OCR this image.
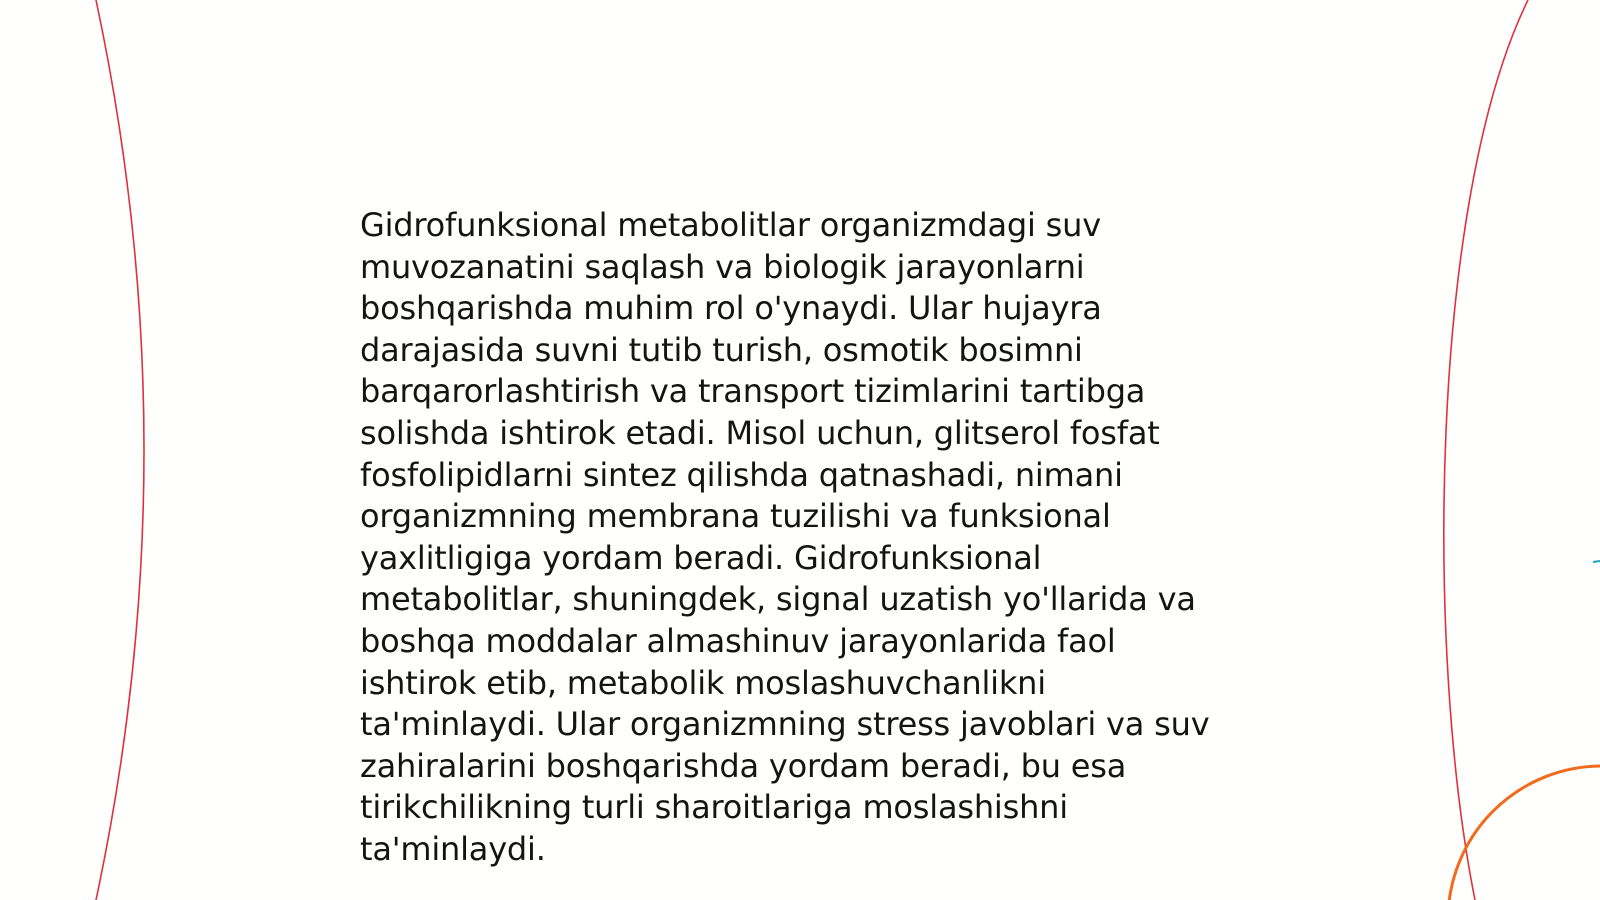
Gidrofunksional metabolitlar organizmdagi suv
muvozanatini saqlash va biologik jarayonlarni
boshqarishda muhim rol o'ynaydi. Ular hujayra
darajasida suvni tutib turish, osmotik bosimni
barqarorlashtirish va transport tizimlarini tartibga
solishda ishtirok etadi. Misol uchun, glitserol fosfat
fosfolipidlarni sintez qilishda qatnashadi, nimani
organizmning membrana tuzilishi va funksional
yaxlitligiga yordam beradi. Gidrofunksional
metabolitlar, shuningdek, signal uzatish yo'llarida va
boshqa moddalar almashinuv jarayonlarida faol
ishtirok etib, metabolik moslashuvchanlikni
ta'minlaydi. Ular organizmning stress javoblari va suv
zahiralarini boshqarishda yordam beradi, bu esa
tirikchilikning turli sharoitlariga moslashishni
ta'minlaydi.
